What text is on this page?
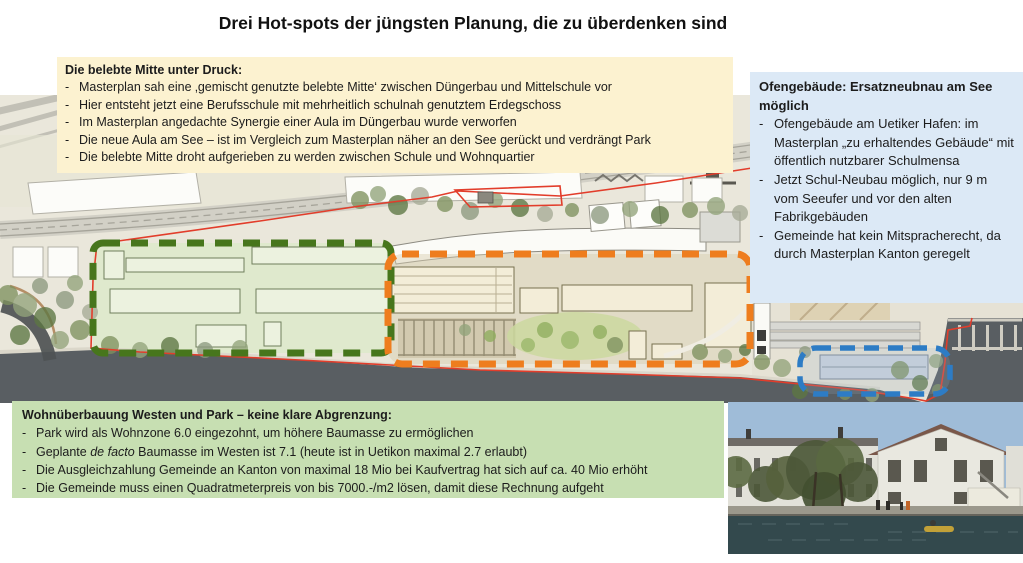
Drei Hot-spots der jüngsten Planung, die zu überdenken sind
Die belebte Mitte unter Druck:
- Masterplan sah eine ‚gemischt genutzte belebte Mitte‘ zwischen Düngerbau und Mittelschule vor
- Hier entsteht jetzt eine Berufsschule mit mehrheitlich schulnah genutztem Erdegschoss
- Im Masterplan angedachte Synergie einer Aula im Düngerbau wurde verworfen
- Die neue Aula am See – ist im Vergleich zum Masterplan näher an den See gerückt und verdrängt Park
- Die belebte Mitte droht aufgerieben zu werden zwischen Schule und Wohnquartier
Ofengebäude: Ersatzneubnau am See möglich
- Ofengebäude am Uetiker Hafen: im Masterplan „zu erhaltendes Gebäude“ mit öffentlich nutzbarer Schulmensa
- Jetzt Schul-Neubau möglich, nur 9 m vom Seeufer und vor den alten Fabrikgebäuden
- Gemeinde hat kein Mitspracherecht, da durch Masterplan Kanton geregelt
Wohnüberbauung Westen und Park – keine klare Abgrenzung:
- Park wird als Wohnzone 6.0 eingezohnt, um höhere Baumasse zu ermöglichen
- Geplante de facto Baumasse im Westen ist 7.1 (heute ist in Uetikon maximal 2.7 erlaubt)
- Die Ausgleichzahlung Gemeinde an Kanton von maximal 18 Mio bei Kaufvertrag hat sich auf ca. 40 Mio erhöht
- Die Gemeinde muss einen Quadratmeterpreis von bis 7000.-/m2 lösen, damit diese Rechnung aufgeht
